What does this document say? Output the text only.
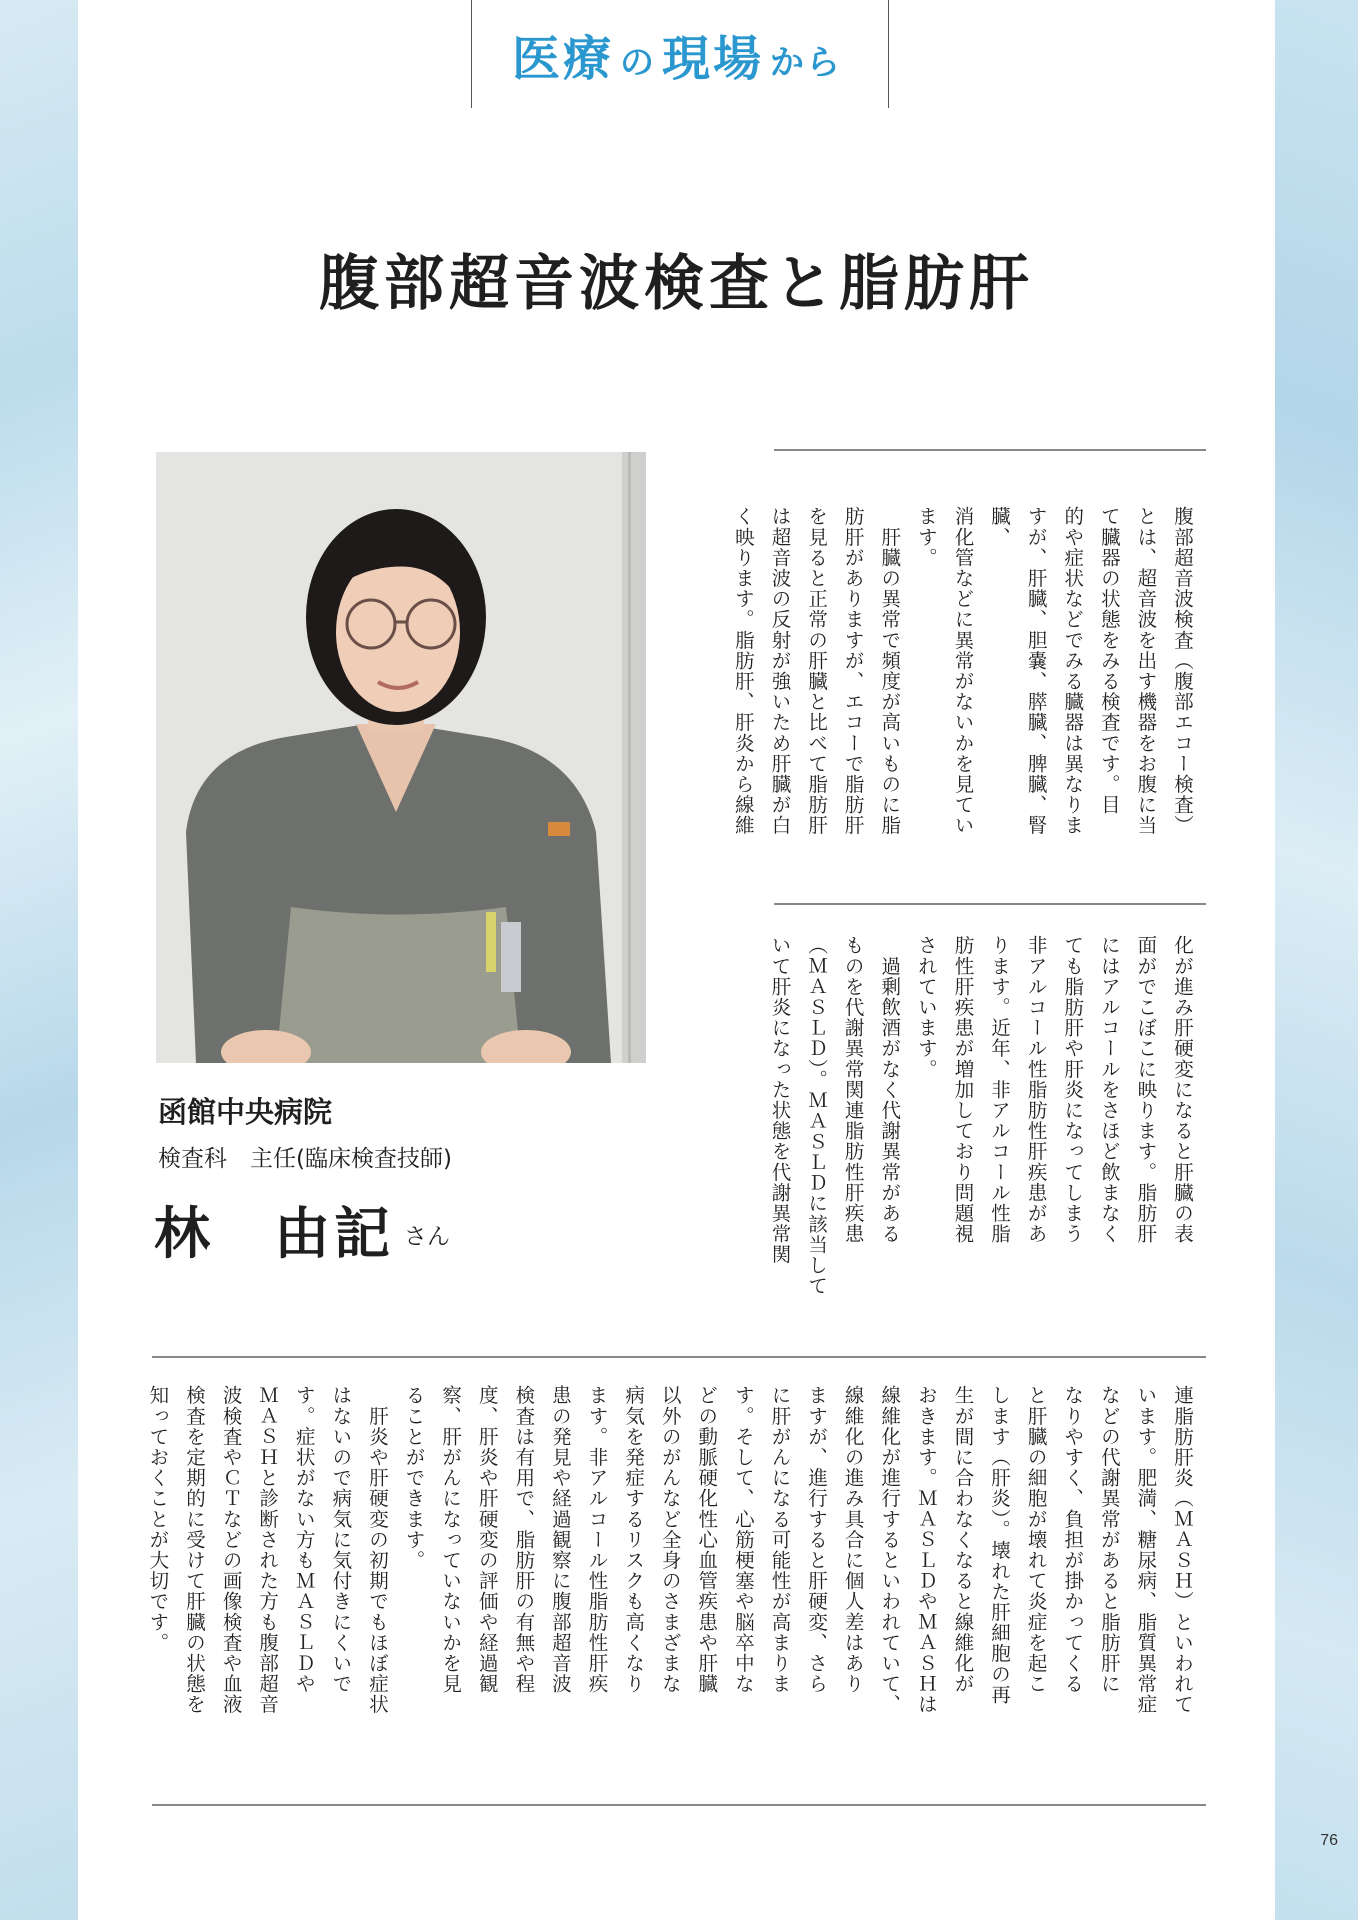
医療 の 現場 から
腹部超音波検査と脂肪肝
函館中央病院
検査科　主任(臨床検査技師)
林　由記 さん
腹部超音波検査（腹部エコー検査）
とは、超音波を出す機器をお腹に当
て臓器の状態をみる検査です。目
的や症状などでみる臓器は異なりま
すが、肝臓、胆嚢、膵臓、脾臓、腎臓、
消化管などに異常がないかを見てい
ます。
　肝臓の異常で頻度が高いものに脂
肪肝がありますが、エコーで脂肪肝
を見ると正常の肝臓と比べて脂肪肝
は超音波の反射が強いため肝臓が白
く映ります。脂肪肝、肝炎から線維
化が進み肝硬変になると肝臓の表
面がでこぼこに映ります。脂肪肝
にはアルコールをさほど飲まなく
ても脂肪肝や肝炎になってしまう
非アルコール性脂肪性肝疾患があ
ります。近年、非アルコール性脂
肪性肝疾患が増加しており問題視
されています。
　過剰飲酒がなく代謝異常がある
ものを代謝異常関連脂肪性肝疾患
（ＭＡＳＬＤ）。ＭＡＳＬＤに該当して
いて肝炎になった状態を代謝異常関
連脂肪肝炎（ＭＡＳＨ）といわれて
います。肥満、糖尿病、脂質異常症
などの代謝異常があると脂肪肝に
なりやすく、負担が掛かってくる
と肝臓の細胞が壊れて炎症を起こ
します（肝炎）。壊れた肝細胞の再
生が間に合わなくなると線維化が
おきます。ＭＡＳＬＤやＭＡＳＨは
線維化が進行するといわれていて、
線維化の進み具合に個人差はあり
ますが、進行すると肝硬変、さら
に肝がんになる可能性が高まりま
す。そして、心筋梗塞や脳卒中な
どの動脈硬化性心血管疾患や肝臓
以外のがんなど全身のさまざまな
病気を発症するリスクも高くなり
ます。非アルコール性脂肪性肝疾
患の発見や経過観察に腹部超音波
検査は有用で、脂肪肝の有無や程
度、肝炎や肝硬変の評価や経過観
察、肝がんになっていないかを見
ることができます。
　肝炎や肝硬変の初期でもほぼ症状
はないので病気に気付きにくいで
す。症状がない方もＭＡＳＬＤや
ＭＡＳＨと診断された方も腹部超音
波検査やＣＴなどの画像検査や血液
検査を定期的に受けて肝臓の状態を
知っておくことが大切です。
76
